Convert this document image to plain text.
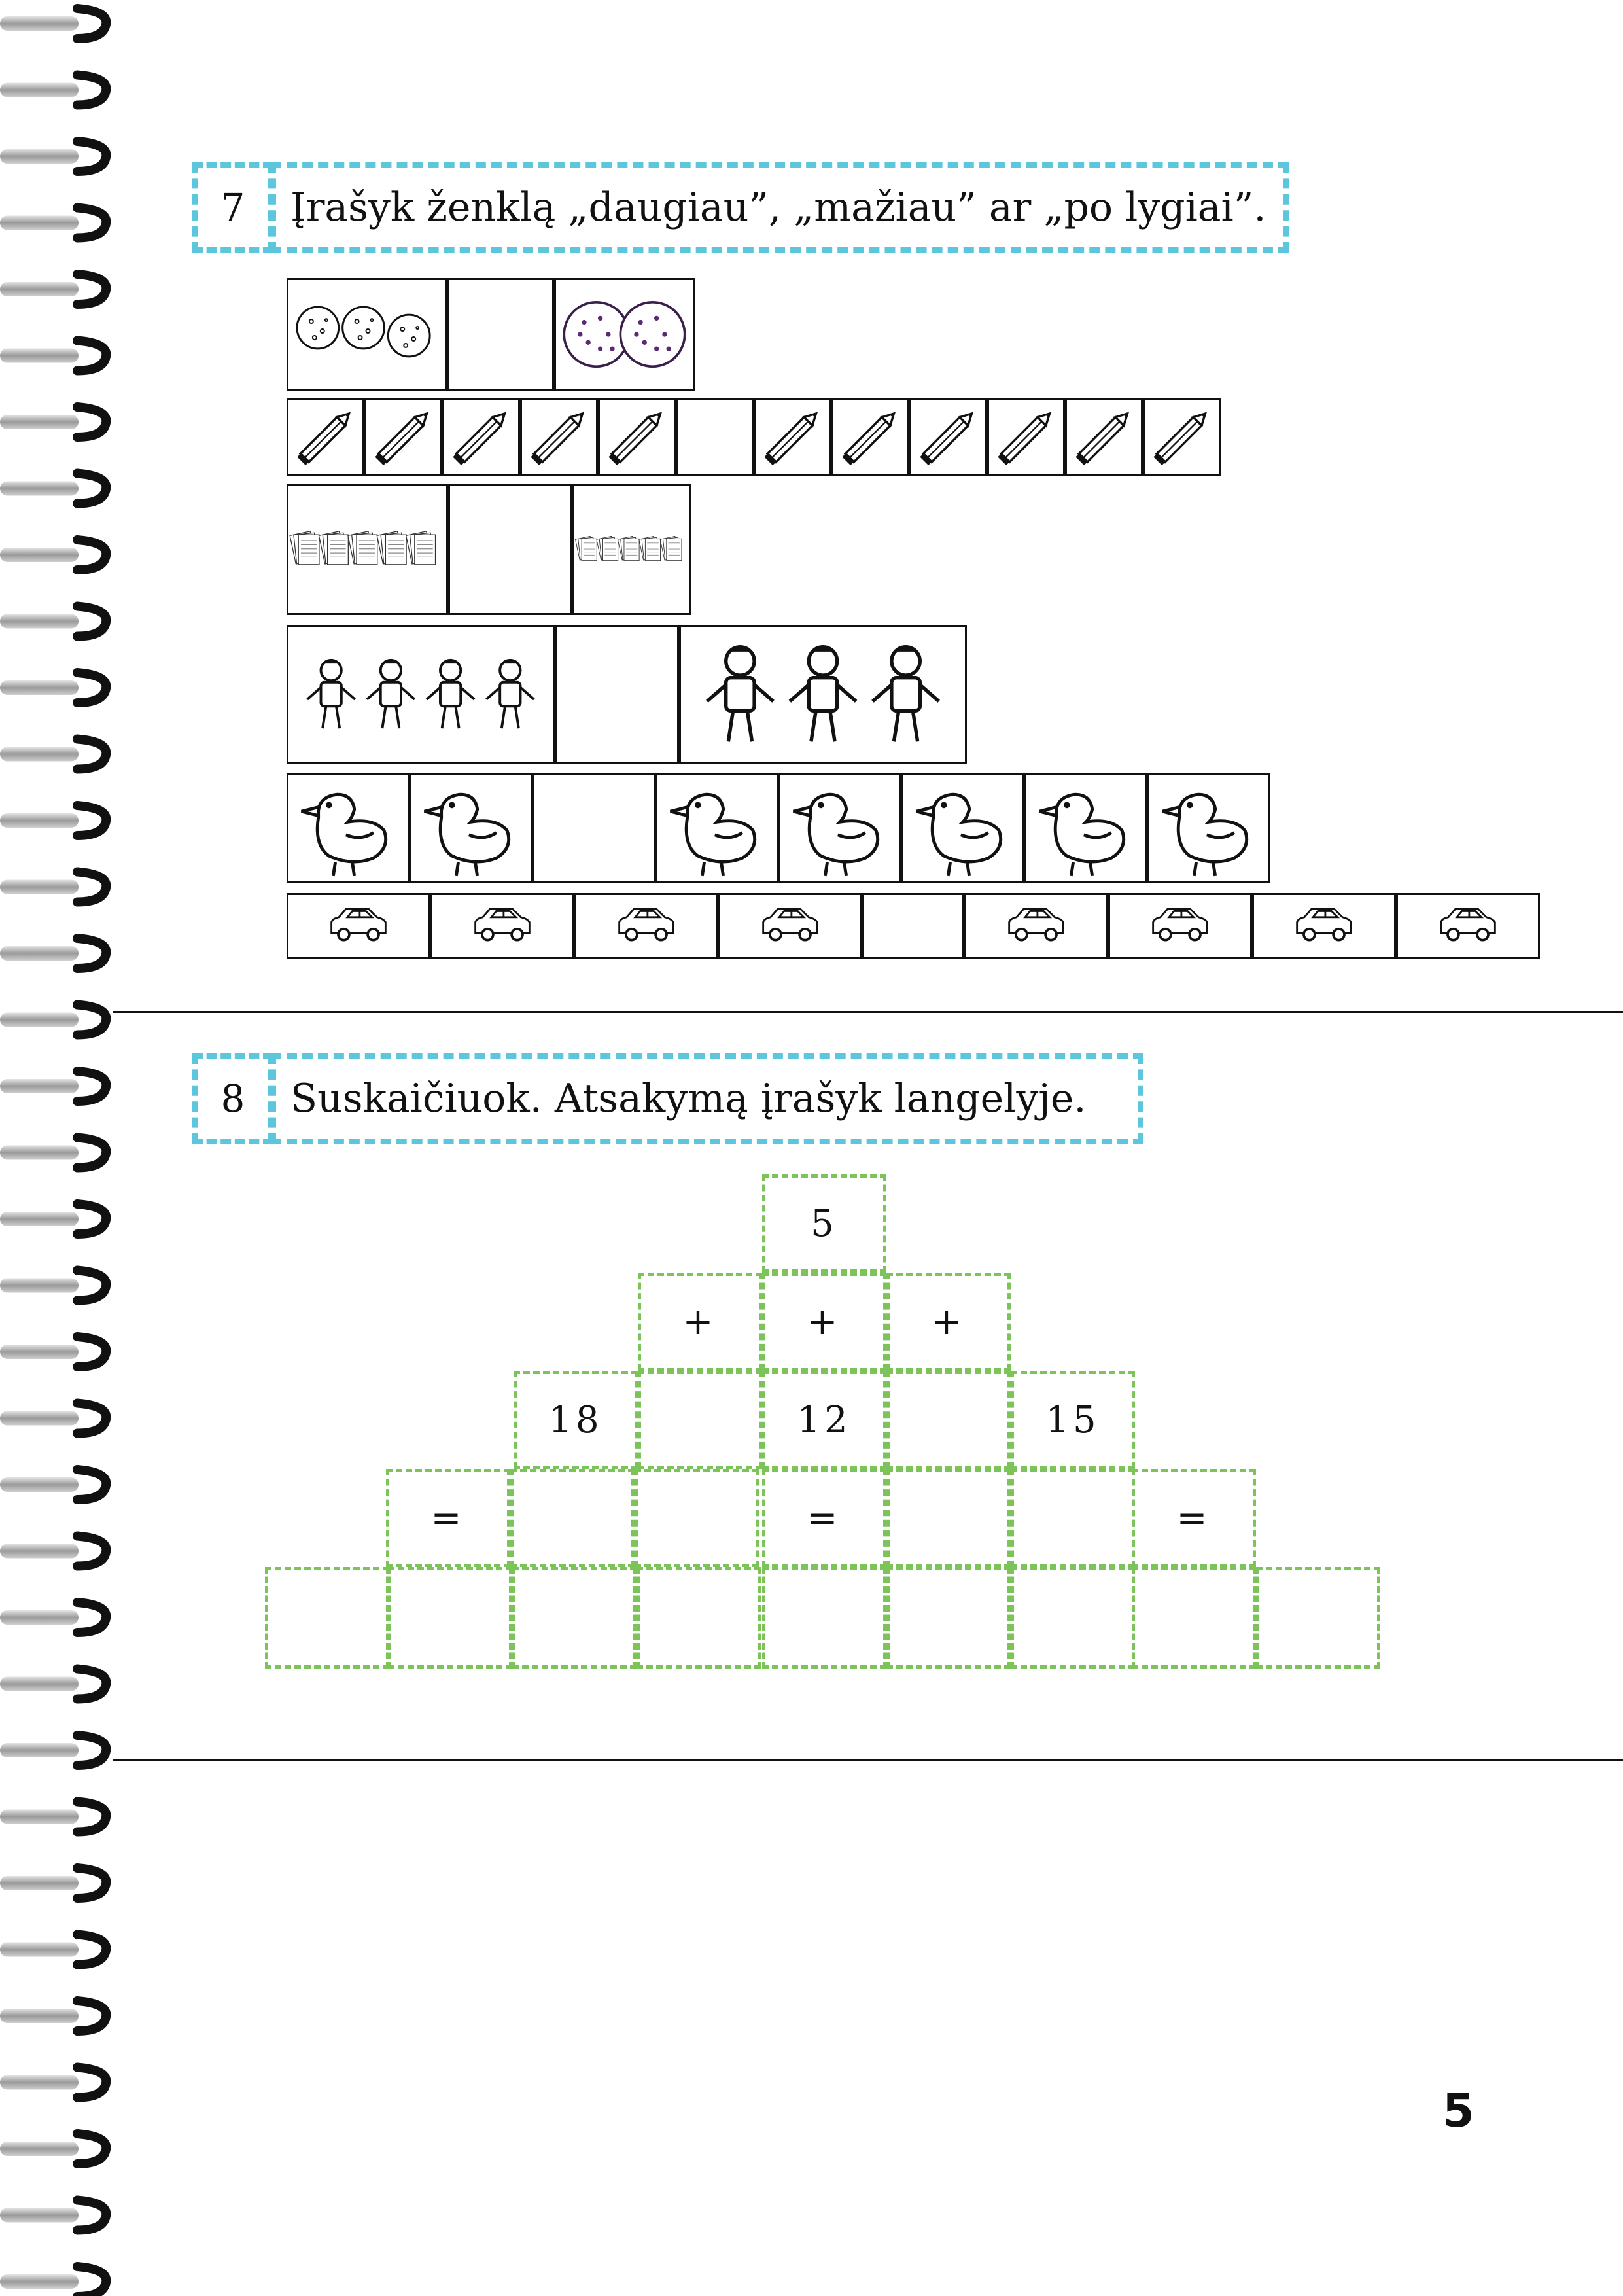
7 Įrašyk ženklą „daugiau”, „mažiau” ar „po lygiai”.
8 Suskaičiuok. Atsakymą įrašyk langelyje.
5
+ + +
18	12	15
=	=	=
5
